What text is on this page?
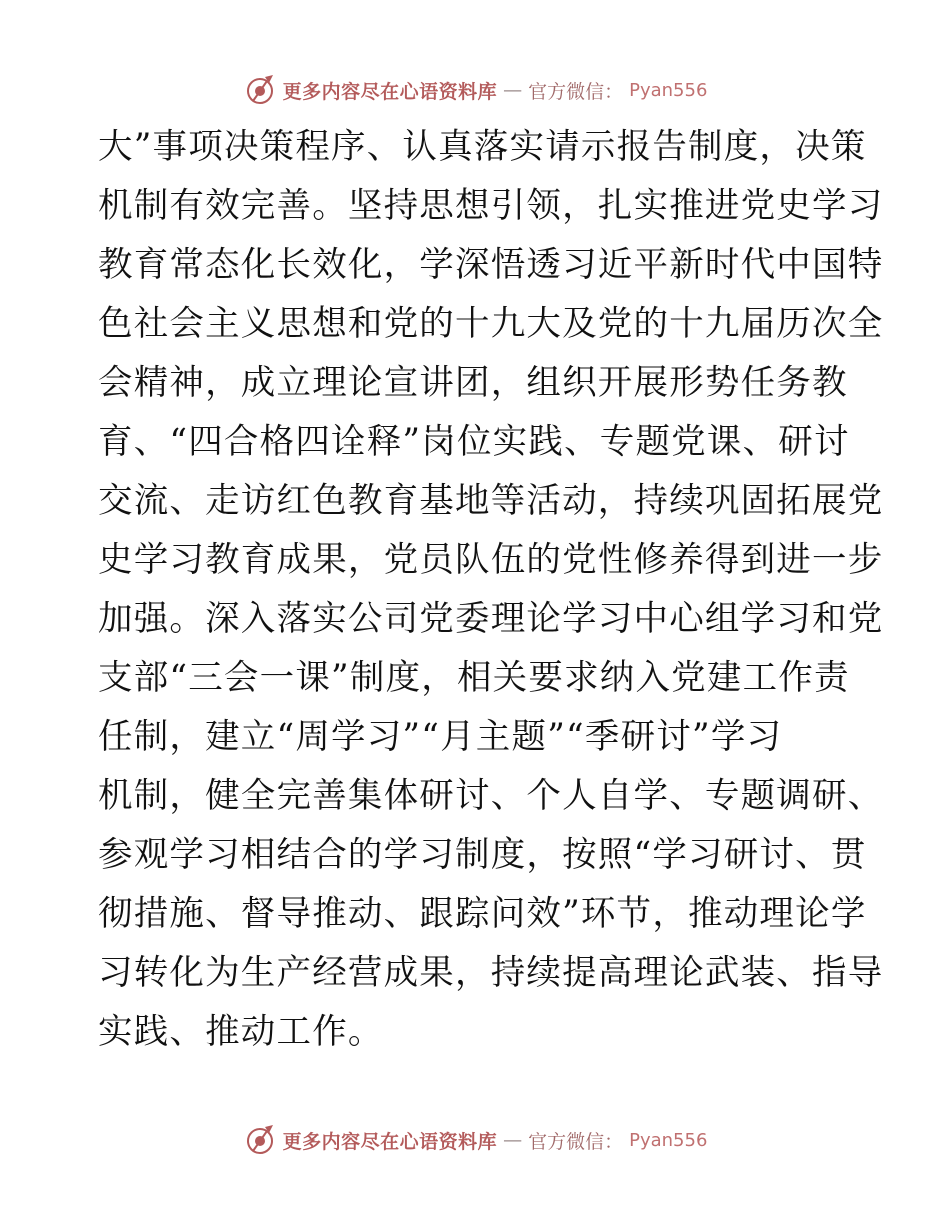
更多内容尽在心语资料库 — 官方微信： Pyan556
大”事项决策程序、认真落实请示报告制度，决策
机制有效完善。坚持思想引领，扎实推进党史学习
教育常态化长效化，学深悟透习近平新时代中国特
色社会主义思想和党的十九大及党的十九届历次全
会精神，成立理论宣讲团，组织开展形势任务教
育、“四合格四诠释”岗位实践、专题党课、研讨
交流、走访红色教育基地等活动，持续巩固拓展党
史学习教育成果，党员队伍的党性修养得到进一步
加强。深入落实公司党委理论学习中心组学习和党
支部“三会一课”制度，相关要求纳入党建工作责
任制，建立“周学习”“月主题”“季研讨”学习
机制，健全完善集体研讨、个人自学、专题调研、
参观学习相结合的学习制度，按照“学习研讨、贯
彻措施、督导推动、跟踪问效”环节，推动理论学
习转化为生产经营成果，持续提高理论武装、指导
实践、推动工作。
更多内容尽在心语资料库 — 官方微信： Pyan556
